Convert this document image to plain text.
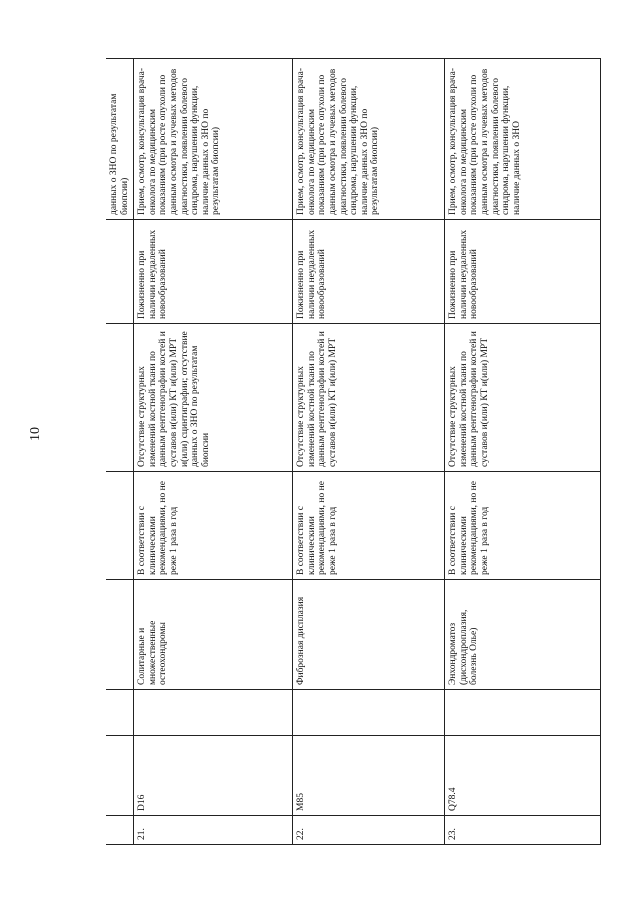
10
							данных о ЗНО по результатам биопсии)
21.	D16		Солитарные и множественные остеохондромы	В соответствии с клиническими рекомендациями, но не реже 1 раза в год	Отсутствие структурных изменений костной ткани по данным рентгенографии костей и суставов и(или) КТ и(или) МРТ и(или) сцинтиграфии; отсутствие данных о ЗНО по результатам биопсии	Пожизненно при наличии неудаленных новообразований	Прием, осмотр, консультация врача-онколога по медицинским показаниям (при росте опухоли по данным осмотра и лучевых методов диагностики, появлении болевого синдрома, нарушении функции, наличие данных о ЗНО по результатам биопсии)
22.	M85		Фиброзная дисплазия	В соответствии с клиническими рекомендациями, но не реже 1 раза в год	Отсутствие структурных изменений костной ткани по данным рентгенографии костей и суставов и(или) КТ и(или) МРТ	Пожизненно при наличии неудаленных новообразований	Прием, осмотр, консультация врача-онколога по медицинским показаниям (при росте опухоли по данным осмотра и лучевых методов диагностики, появлении болевого синдрома, нарушении функции, наличие данных о ЗНО по результатам биопсии)
23.	Q78.4		Энхондроматоз (дисхондроплазия, болезнь Олье)	В соответствии с клиническими рекомендациями, но не реже 1 раза в год	Отсутствие структурных изменений костной ткани по данным рентгенографии костей и суставов и(или) КТ и(или) МРТ	Пожизненно при наличии неудаленных новообразований	Прием, осмотр, консультация врача-онколога по медицинским показаниям (при росте опухоли по данным осмотра и лучевых методов диагностики, появлении болевого синдрома, нарушении функции, наличие данных о ЗНО
